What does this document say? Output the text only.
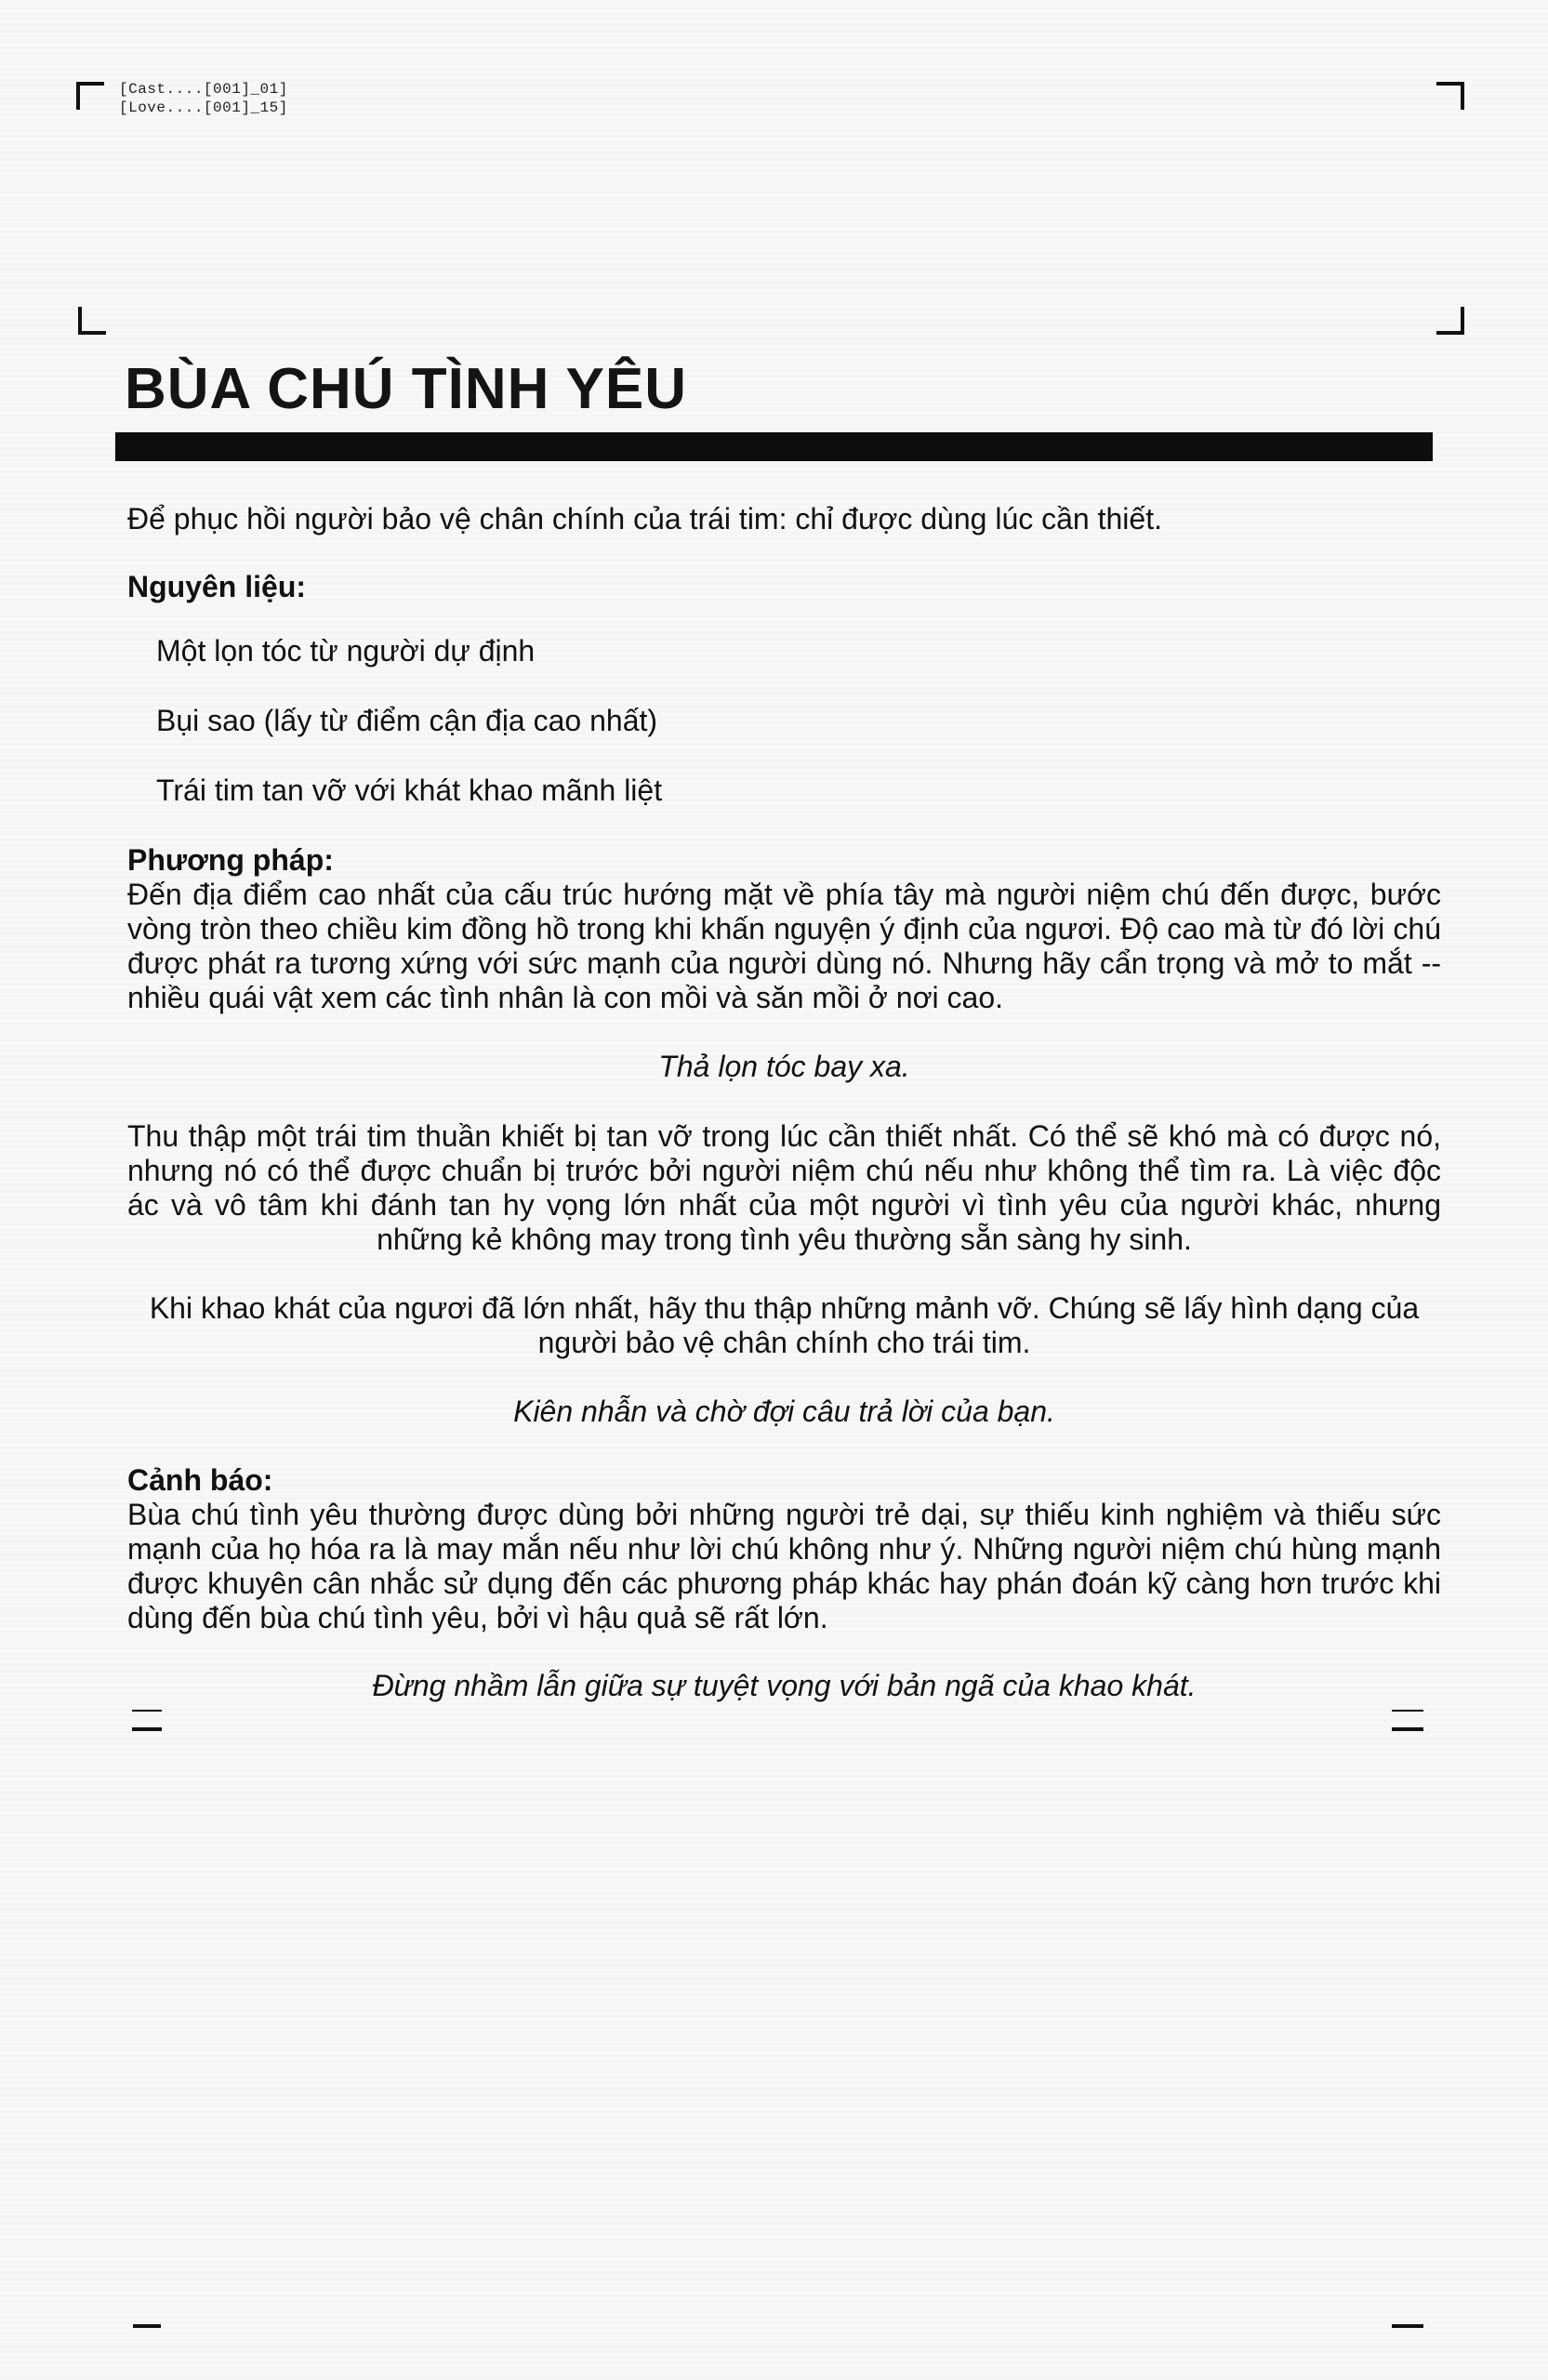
[Cast....[001]_01]
[Love....[001]_15]
BÙA CHÚ TÌNH YÊU

Để phục hồi người bảo vệ chân chính của trái tim: chỉ được dùng lúc cần thiết.

Nguyên liệu:

Một lọn tóc từ người dự định
Bụi sao (lấy từ điểm cận địa cao nhất)
Trái tim tan vỡ với khát khao mãnh liệt

Phương pháp:

Đến địa điểm cao nhất của cấu trúc hướng mặt về phía tây mà người niệm chú đến được, bước vòng tròn theo chiều kim đồng hồ trong khi khấn nguyện ý định của ngươi. Độ cao mà từ đó lời chú được phát ra tương xứng với sức mạnh của người dùng nó. Nhưng hãy cẩn trọng và mở to mắt -- nhiều quái vật xem các tình nhân là con mồi và săn mồi ở nơi cao.

Thả lọn tóc bay xa.

Thu thập một trái tim thuần khiết bị tan vỡ trong lúc cần thiết nhất. Có thể sẽ khó mà có được nó, nhưng nó có thể được chuẩn bị trước bởi người niệm chú nếu như không thể tìm ra. Là việc độc ác và vô tâm khi đánh tan hy vọng lớn nhất của một người vì tình yêu của người khác, nhưng những kẻ không may trong tình yêu thường sẵn sàng hy sinh.

Khi khao khát của ngươi đã lớn nhất, hãy thu thập những mảnh vỡ. Chúng sẽ lấy hình dạng của người bảo vệ chân chính cho trái tim.

Kiên nhẫn và chờ đợi câu trả lời của bạn.

Cảnh báo:

Bùa chú tình yêu thường được dùng bởi những người trẻ dại, sự thiếu kinh nghiệm và thiếu sức mạnh của họ hóa ra là may mắn nếu như lời chú không như ý. Những người niệm chú hùng mạnh được khuyên cân nhắc sử dụng đến các phương pháp khác hay phán đoán kỹ càng hơn trước khi dùng đến bùa chú tình yêu, bởi vì hậu quả sẽ rất lớn.

Đừng nhầm lẫn giữa sự tuyệt vọng với bản ngã của khao khát.
